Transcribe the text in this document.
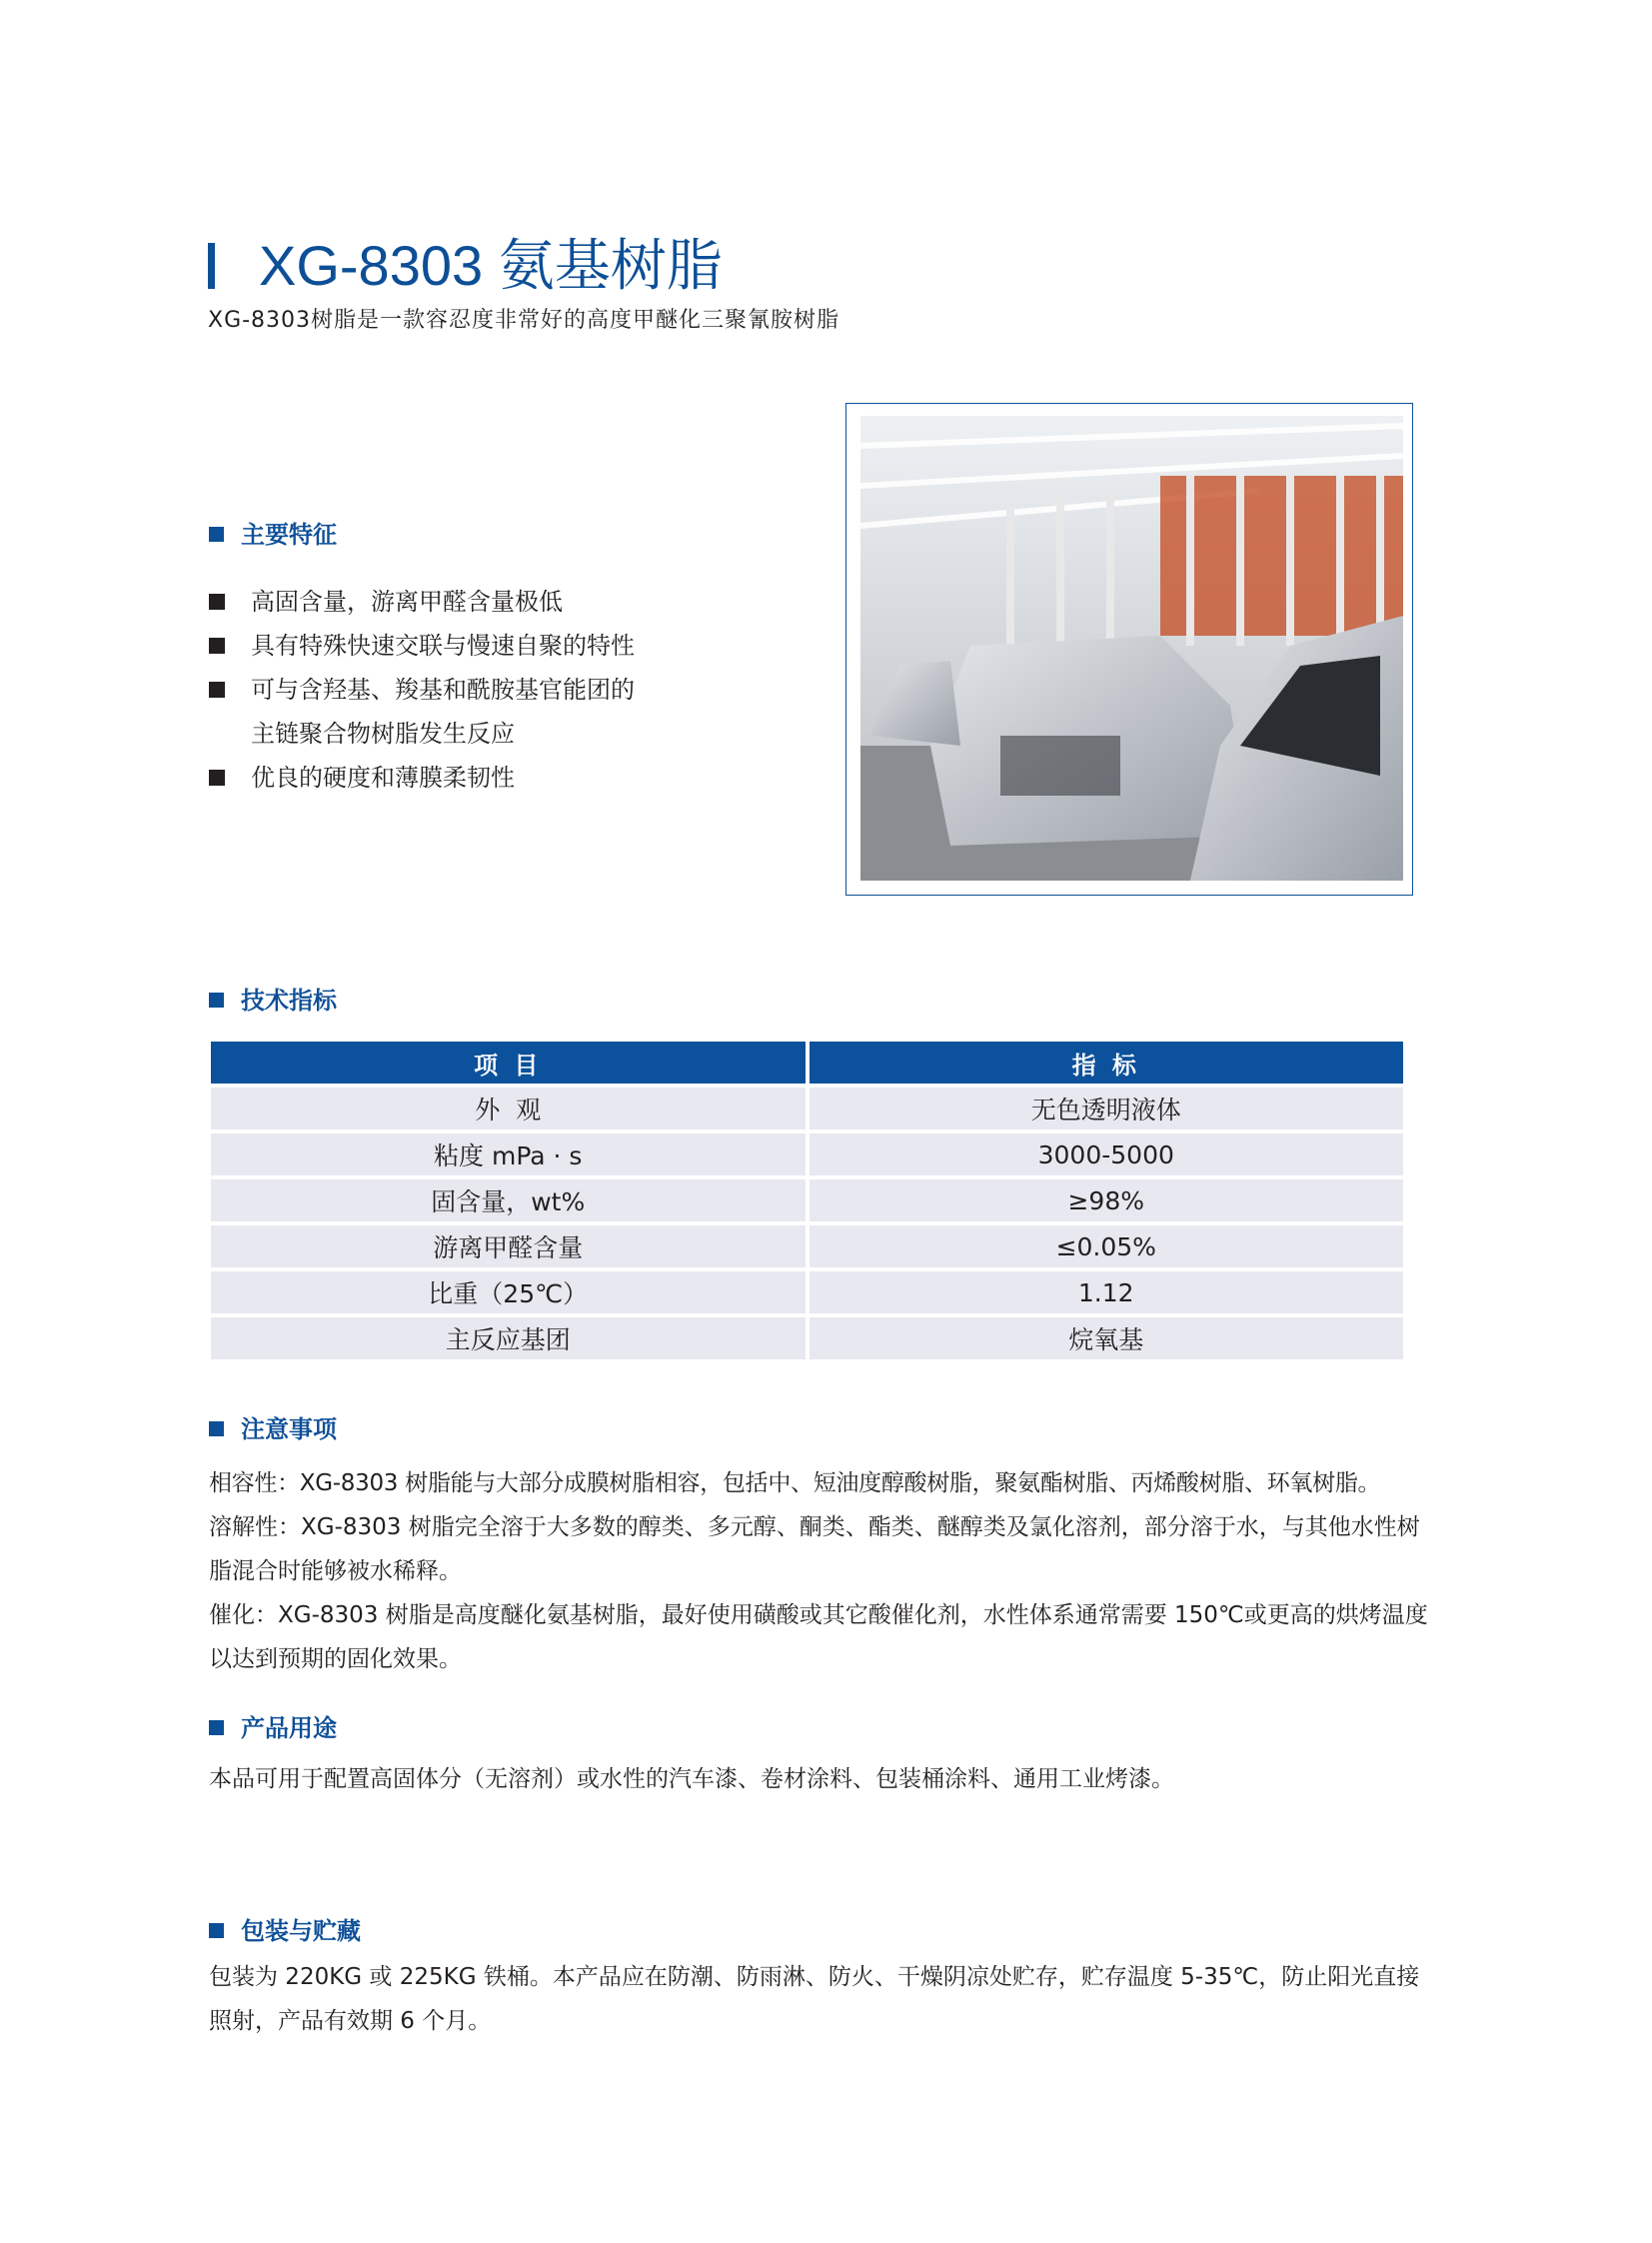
XG-8303 氨基树脂
XG-8303树脂是一款容忍度非常好的高度甲醚化三聚氰胺树脂
主要特征
高固含量，游离甲醛含量极低
具有特殊快速交联与慢速自聚的特性
可与含羟基、羧基和酰胺基官能团的
主链聚合物树脂发生反应
优良的硬度和薄膜柔韧性
技术指标
项 目	指 标
外  观	无色透明液体
粘度 mPa · s	3000-5000
固含量，wt%	≥98%
游离甲醛含量	≤0.05%
比重（25℃）	1.12
主反应基团	烷氧基
注意事项
相容性：XG-8303 树脂能与大部分成膜树脂相容，包括中、短油度醇酸树脂，聚氨酯树脂、丙烯酸树脂、环氧树脂。
溶解性：XG-8303 树脂完全溶于大多数的醇类、多元醇、酮类、酯类、醚醇类及氯化溶剂，部分溶于水，与其他水性树脂混合时能够被水稀释。
催化：XG-8303 树脂是高度醚化氨基树脂，最好使用磺酸或其它酸催化剂，水性体系通常需要 150℃或更高的烘烤温度以达到预期的固化效果。
产品用途
本品可用于配置高固体分（无溶剂）或水性的汽车漆、卷材涂料、包装桶涂料、通用工业烤漆。
包装与贮藏
包装为 220KG 或 225KG 铁桶。本产品应在防潮、防雨淋、防火、干燥阴凉处贮存，贮存温度 5-35℃，防止阳光直接照射，产品有效期 6 个月。
